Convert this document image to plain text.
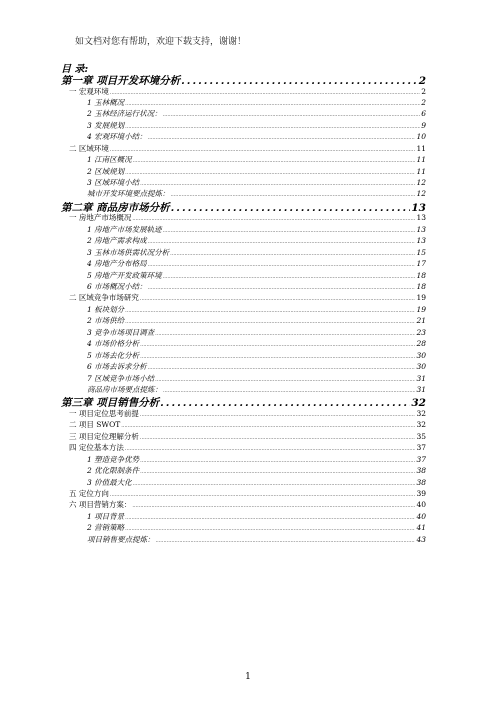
如文档对您有帮助，欢迎下载支持，谢谢！
目 录:
第一章 项目开发环境分析 .....	2
一 宏观环境 .....	2
1 玉林概况 .....	2
2 玉林经济运行状况： .....	6
3 发展规划 .....	9
4 宏观环境小结： .....	10
二 区域环境 .....	11
1 江南区概况 .....	11
2 区域规划 .....	11
3 区域环境小结 .....	12
城市开发环境要点提炼： .....	12
第二章 商品房市场分析 .....	13
一 房地产市场概况 .....	13
1 房地产市场发展轨迹 .....	13
2 房地产需求构成 .....	13
3 玉林市场供需状况分析 .....	15
4 房地产分布格局 .....	17
5 房地产开发政策环境 .....	18
6 市场概况小结： .....	18
二 区域竞争市场研究 .....	19
1 板块划分 .....	19
2 市场供给 .....	21
3 竞争市场项目调查 .....	23
4 市场价格分析 .....	28
5 市场去化分析 .....	30
6 市场去诉求分析 .....	30
7 区域竞争市场小结 .....	31
商品房市场要点提炼： .....	31
第三章 项目销售分析 .....	32
一 项目定位思考前提 .....	32
二 项目 SWOT .....	32
三 项目定位理解分析 .....	35
四 定位基本方法 .....	37
1 塑造竞争优势 .....	37
2 优化限制条件 .....	38
3 价值最大化 .....	38
五 定位方向 .....	39
六 项目营销方案： .....	40
1 项目背景 .....	40
2 营销策略 .....	41
项目销售要点提炼： .....	43
1
